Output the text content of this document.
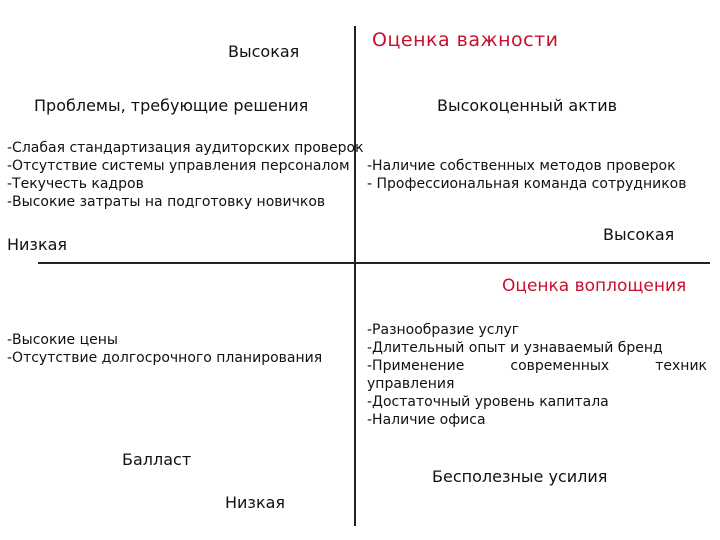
Высокая
Оценка важности
Низкая
Низкая
Высокая
Оценка воплощения
Проблемы, требующие решения
-Слабая стандартизация аудиторских проверок
-Отсутствие системы управления персоналом
-Текучесть кадров
-Высокие затраты на подготовку новичков
Высокоценный актив
-Наличие собственных методов проверок
- Профессиональная команда сотрудников
-Высокие цены
-Отсутствие долгосрочного планирования
Балласт
-Разнообразие услуг
-Длительный опыт и узнаваемый бренд
-Применение современных техник управления
-Достаточный уровень капитала
-Наличие офиса
Бесполезные усилия
